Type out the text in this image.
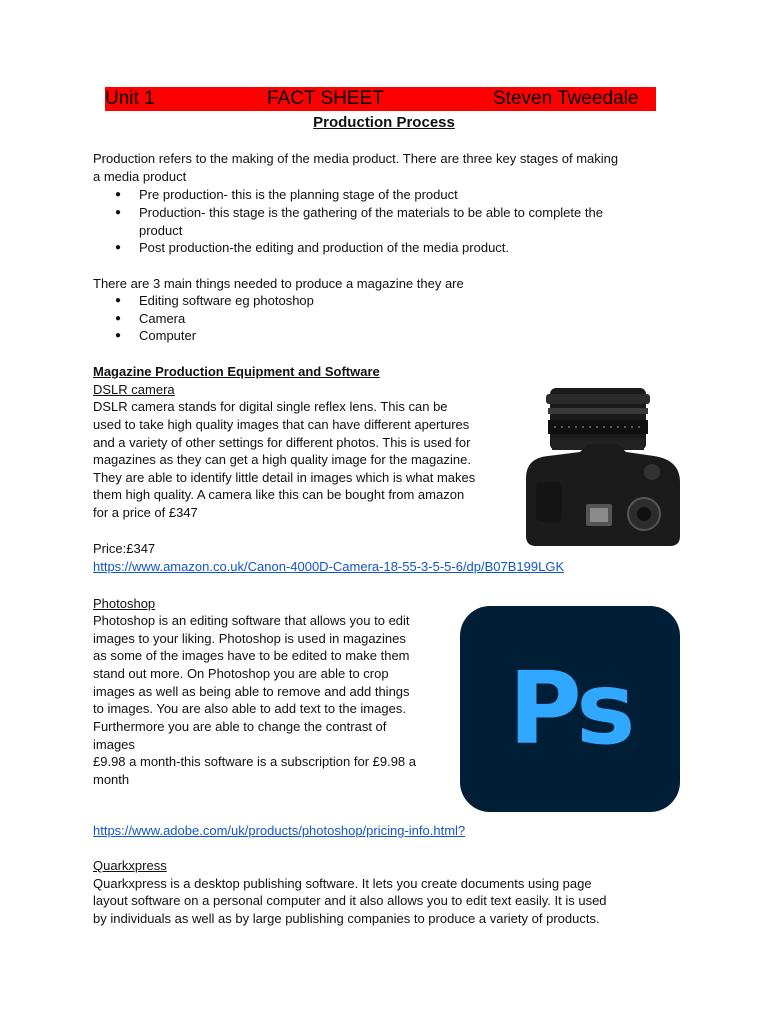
Unit 1	FACT SHEET	Steven Tweedale
Production Process
Production refers to the making of the media product. There are three key stages of making
a media product
● Pre production- this is the planning stage of the product
● Production- this stage is the gathering of the materials to be able to complete the
product
● Post production-the editing and production of the media product.
There are 3 main things needed to produce a magazine they are
● Editing software eg photoshop
● Camera
● Computer
Magazine Production Equipment and Software
DSLR camera
DSLR camera stands for digital single reflex lens. This can be
used to take high quality images that can have different apertures
and a variety of other settings for different photos. This is used for
magazines as they can get a high quality image for the magazine.
They are able to identify little detail in images which is what makes
them high quality. A camera like this can be bought from amazon
for a price of £347
Price:£347
https://www.amazon.co.uk/Canon-4000D-Camera-18-55-3-5-5-6/dp/B07B199LGK
Photoshop
Photoshop is an editing software that allows you to edit
images to your liking. Photoshop is used in magazines
as some of the images have to be edited to make them
stand out more. On Photoshop you are able to crop
images as well as being able to remove and add things
to images. You are also able to add text to the images.
Furthermore you are able to change the contrast of
images
£9.98 a month-this software is a subscription for £9.98 a
month
https://www.adobe.com/uk/products/photoshop/pricing-info.html?
Ps
Quarkxpress
Quarkxpress is a desktop publishing software. It lets you create documents using page
layout software on a personal computer and it also allows you to edit text easily. It is used
by individuals as well as by large publishing companies to produce a variety of products.
